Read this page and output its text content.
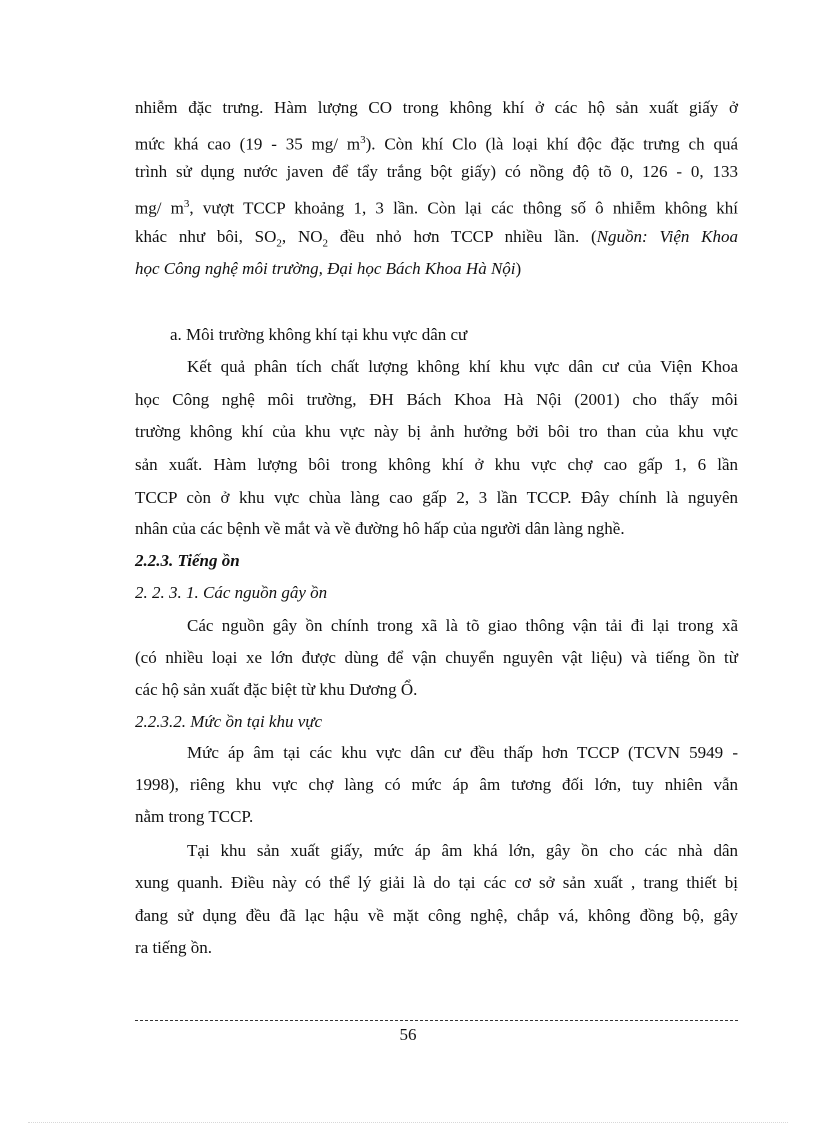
nhiễm đặc trưng. Hàm lượng CO trong không khí ở các hộ sản xuất giấy ở
mức khá cao (19 - 35 mg/ $m^3$). Còn khí Clo (là loại khí độc đặc trưng ch quá
trình sử dụng nước javen để tẩy trắng bột giấy) có nồng độ tõ 0, 126 - 0, 133
mg/ $m^3$, vượt TCCP khoảng 1, 3 lần. Còn lại các thông số ô nhiễm không khí
khác như bôi, $SO_2$, $NO_2$ đều nhỏ hơn TCCP nhiều lần. (Nguồn: Viện Khoa
học Công nghệ môi trường, Đại học Bách Khoa Hà Nội)
a. Môi trường không khí tại khu vực dân cư
Kết quả phân tích chất lượng không khí khu vực dân cư của Viện Khoa
học Công nghệ môi trường, ĐH Bách Khoa Hà Nội (2001) cho thấy môi
trường không khí của khu vực này bị ảnh hưởng bởi bôi tro than của khu vực
sản xuất. Hàm lượng bôi trong không khí ở khu vực chợ cao gấp 1, 6 lần
TCCP còn ở khu vực chùa làng cao gấp 2, 3 lần TCCP. Đây chính là nguyên
nhân của các bệnh về mắt và về đường hô hấp của người dân làng nghề.
2.2.3. Tiếng ồn
2. 2. 3. 1. Các nguồn gây ồn
Các nguồn gây ồn chính trong xã là tõ giao thông vận tải đi lại trong xã
(có nhiều loại xe lớn được dùng để vận chuyển nguyên vật liệu) và tiếng ồn từ
các hộ sản xuất đặc biệt từ khu Dương Ổ.
2.2.3.2. Mức ồn tại khu vực
Mức áp âm tại các khu vực dân cư đều thấp hơn TCCP (TCVN 5949 -
1998), riêng khu vực chợ làng có mức áp âm tương đối lớn, tuy nhiên vẫn
nằm trong TCCP.
Tại khu sản xuất giấy, mức áp âm khá lớn, gây ồn cho các nhà dân
xung quanh. Điều này có thể lý giải là do tại các cơ sở sản xuất , trang thiết bị
đang sử dụng đều đã lạc hậu về mặt công nghệ, chắp vá, không đồng bộ, gây
ra tiếng ồn.
56
